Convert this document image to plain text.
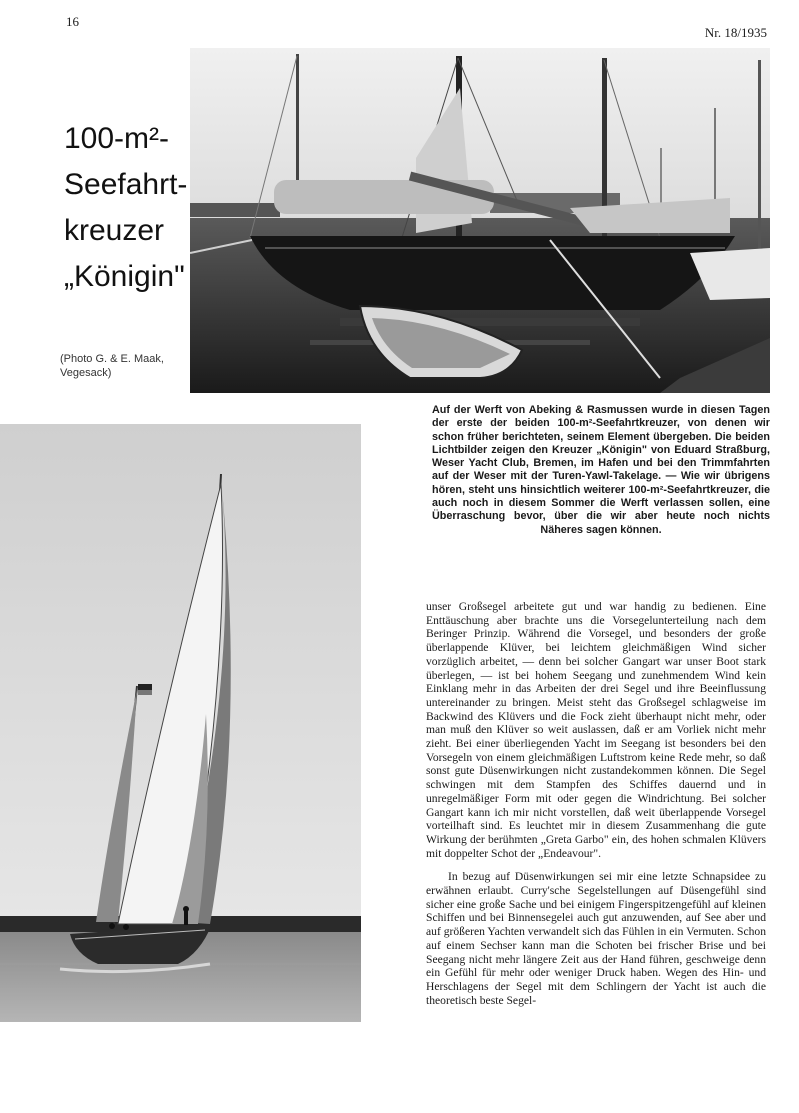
16
Nr. 18/1935
100-m²-
Seefahrt-
kreuzer
„Königin"
(Photo G. & E. Maak,
Vegesack)
Auf der Werft von Abeking & Rasmussen wurde in diesen Tagen der erste der beiden 100-m²-Seefahrtkreuzer, von denen wir schon früher berichteten, seinem Element übergeben. Die beiden Lichtbilder zeigen den Kreuzer „Königin" von Eduard Straßburg, Weser Yacht Club, Bremen, im Hafen und bei den Trimmfahrten auf der Weser mit der Turen-Yawl-Takelage. — Wie wir übrigens hören, steht uns hinsichtlich weiterer 100-m²-Seefahrtkreuzer, die auch noch in diesem Sommer die Werft verlassen sollen, eine Überraschung bevor, über die wir aber heute noch nichts Näheres sagen können.

unser Großsegel arbeitete gut und war handig zu bedienen. Eine Enttäuschung aber brachte uns die Vorsegelunterteilung nach dem Beringer Prinzip. Während die Vorsegel, und besonders der große überlappende Klüver, bei leichtem gleichmäßigen Wind sicher vorzüglich arbeitet, — denn bei solcher Gangart war unser Boot stark überlegen, — ist bei hohem Seegang und zunehmendem Wind kein Einklang mehr in das Arbeiten der drei Segel und ihre Beeinflussung untereinander zu bringen. Meist steht das Großsegel schlagweise im Backwind des Klüvers und die Fock zieht überhaupt nicht mehr, oder man muß den Klüver so weit auslassen, daß er am Vorliek nicht mehr zieht. Bei einer überliegenden Yacht im Seegang ist besonders bei den Vorsegeln von einem gleichmäßigen Luftstrom keine Rede mehr, so daß sonst gute Düsenwirkungen nicht zustandekommen können. Die Segel schwingen mit dem Stampfen des Schiffes dauernd und in unregelmäßiger Form mit oder gegen die Windrichtung. Bei solcher Gangart kann ich mir nicht vorstellen, daß weit überlappende Vorsegel vorteilhaft sind. Es leuchtet mir in diesem Zusammenhang die gute Wirkung der berühmten „Greta Garbo" ein, des hohen schmalen Klüvers mit doppelter Schot der „Endeavour".

In bezug auf Düsenwirkungen sei mir eine letzte Schnapsidee zu erwähnen erlaubt. Curry'sche Segelstellungen auf Düsengefühl sind sicher eine große Sache und bei einigem Fingerspitzengefühl auf kleinen Schiffen und bei Binnensegelei auch gut anzuwenden, auf See aber und auf größeren Yachten verwandelt sich das Fühlen in ein Vermuten. Schon auf einem Sechser kann man die Schoten bei frischer Brise und bei Seegang nicht mehr längere Zeit aus der Hand führen, geschweige denn ein Gefühl für mehr oder weniger Druck haben. Wegen des Hin- und Herschlagens der Segel mit dem Schlingern der Yacht ist auch die theoretisch beste Segel-
